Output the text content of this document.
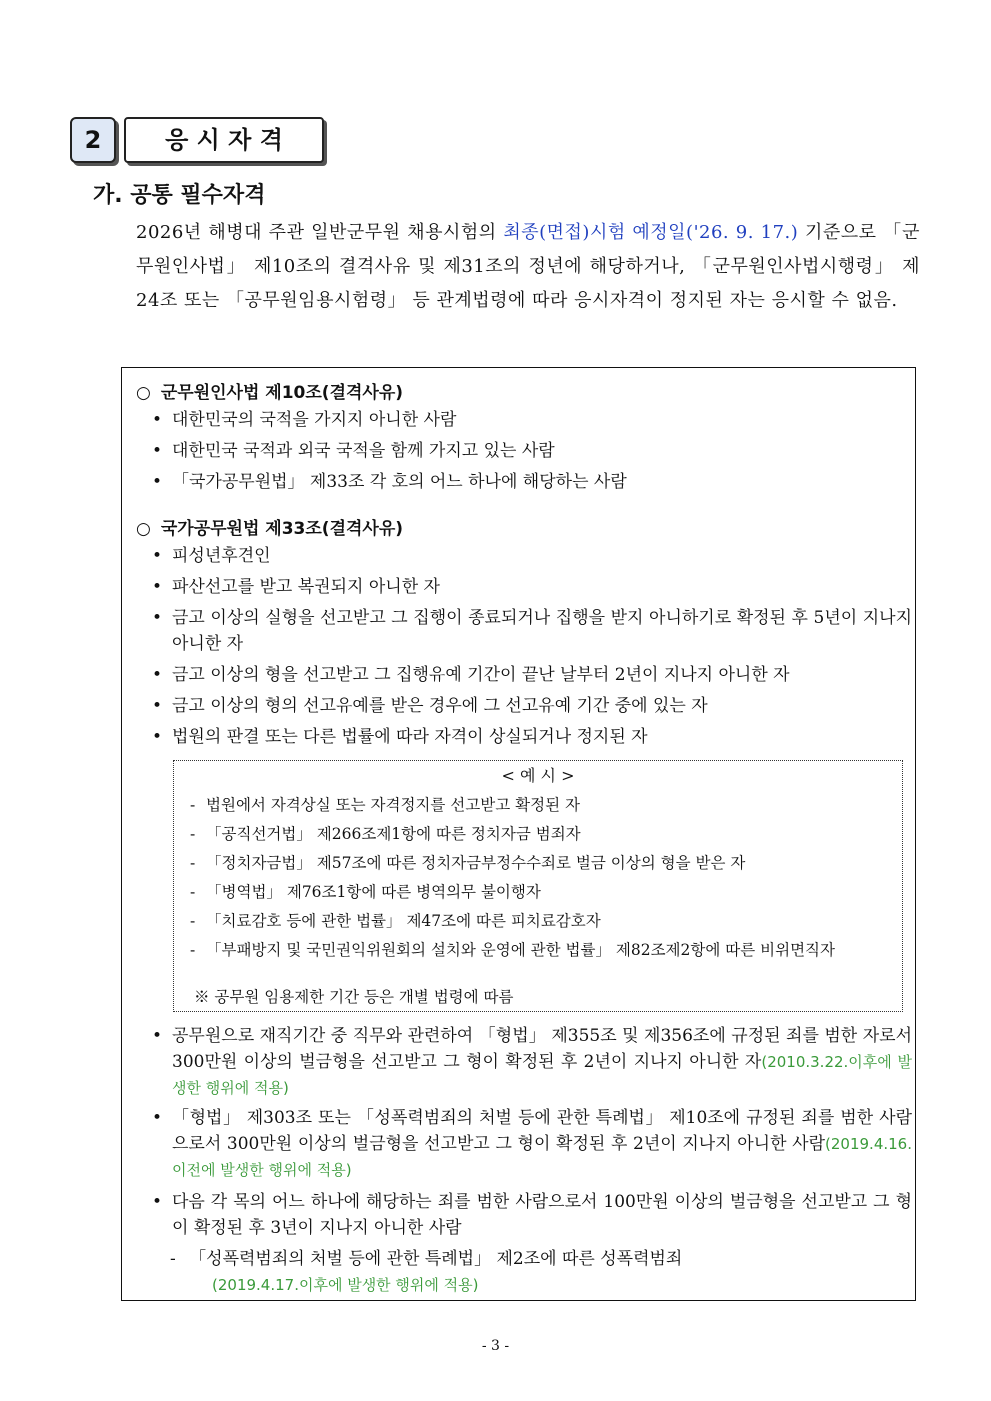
2	응 시 자 격
가. 공통 필수자격
2026년 해병대 주관 일반군무원 채용시험의 최종(면접)시험 예정일('26. 9. 17.) 기준으로 「군무원인사법」 제10조의 결격사유 및 제31조의 정년에 해당하거나, 「군무원인사법시행령」 제24조 또는 「공무원임용시험령」 등 관계법령에 따라 응시자격이 정지된 자는 응시할 수 없음.
○ 군무원인사법 제10조(결격사유)
• 대한민국의 국적을 가지지 아니한 사람
• 대한민국 국적과 외국 국적을 함께 가지고 있는 사람
• 「국가공무원법」 제33조 각 호의 어느 하나에 해당하는 사람
○ 국가공무원법 제33조(결격사유)
• 피성년후견인
• 파산선고를 받고 복권되지 아니한 자
• 금고 이상의 실형을 선고받고 그 집행이 종료되거나 집행을 받지 아니하기로 확정된 후 5년이 지나지 아니한 자
• 금고 이상의 형을 선고받고 그 집행유예 기간이 끝난 날부터 2년이 지나지 아니한 자
• 금고 이상의 형의 선고유예를 받은 경우에 그 선고유예 기간 중에 있는 자
• 법원의 판결 또는 다른 법률에 따라 자격이 상실되거나 정지된 자
< 예 시 >
- 법원에서 자격상실 또는 자격정지를 선고받고 확정된 자
- 「공직선거법」 제266조제1항에 따른 정치자금 범죄자
- 「정치자금법」 제57조에 따른 정치자금부정수수죄로 벌금 이상의 형을 받은 자
- 「병역법」 제76조1항에 따른 병역의무 불이행자
- 「치료감호 등에 관한 법률」 제47조에 따른 피치료감호자
- 「부패방지 및 국민권익위원회의 설치와 운영에 관한 법률」 제82조제2항에 따른 비위면직자
※ 공무원 임용제한 기간 등은 개별 법령에 따름
• 공무원으로 재직기간 중 직무와 관련하여 「형법」 제355조 및 제356조에 규정된 죄를 범한 자로서 300만원 이상의 벌금형을 선고받고 그 형이 확정된 후 2년이 지나지 아니한 자(2010.3.22.이후에 발생한 행위에 적용)
• 「형법」 제303조 또는 「성폭력범죄의 처벌 등에 관한 특례법」 제10조에 규정된 죄를 범한 사람으로서 300만원 이상의 벌금형을 선고받고 그 형이 확정된 후 2년이 지나지 아니한 사람(2019.4.16.이전에 발생한 행위에 적용)
• 다음 각 목의 어느 하나에 해당하는 죄를 범한 사람으로서 100만원 이상의 벌금형을 선고받고 그 형이 확정된 후 3년이 지나지 아니한 사람
- 「성폭력범죄의 처벌 등에 관한 특례법」 제2조에 따른 성폭력범죄
(2019.4.17.이후에 발생한 행위에 적용)
- 3 -
